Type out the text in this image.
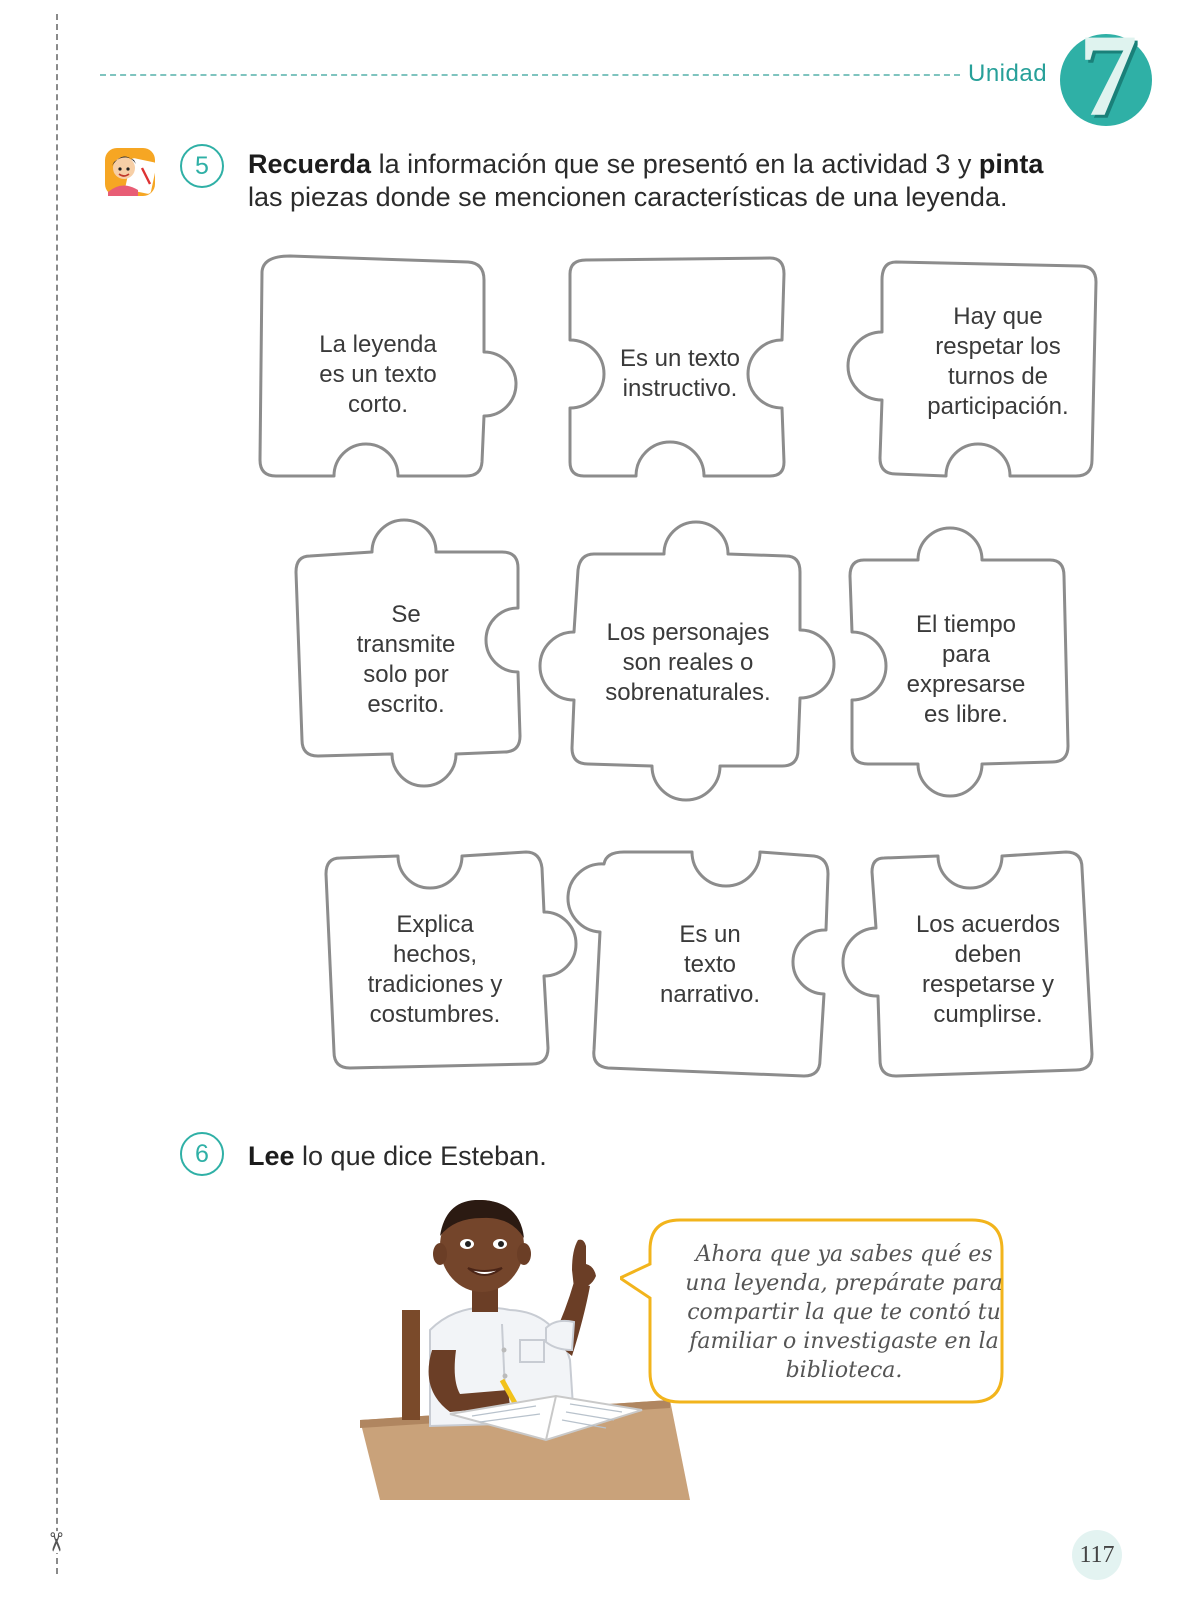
✂
Unidad 7
5	Recuerda la información que se presentó en la actividad 3 y pinta
las piezas donde se mencionen características de una leyenda.
La leyenda
es un texto
corto.
Es un texto
instructivo.
Hay que
respetar los
turnos de
participación.
Se
transmite
solo por
escrito.
Los personajes
son reales o
sobrenaturales.
El tiempo
para
expresarse
es libre.
Explica
hechos,
tradiciones y
costumbres.
Es un
texto
narrativo.
Los acuerdos
deben
respetarse y
cumplirse.
6	Lee lo que dice Esteban.
Ahora que ya sabes qué es
una leyenda, prepárate para
compartir la que te contó tu
familiar o investigaste en la
biblioteca.
117
